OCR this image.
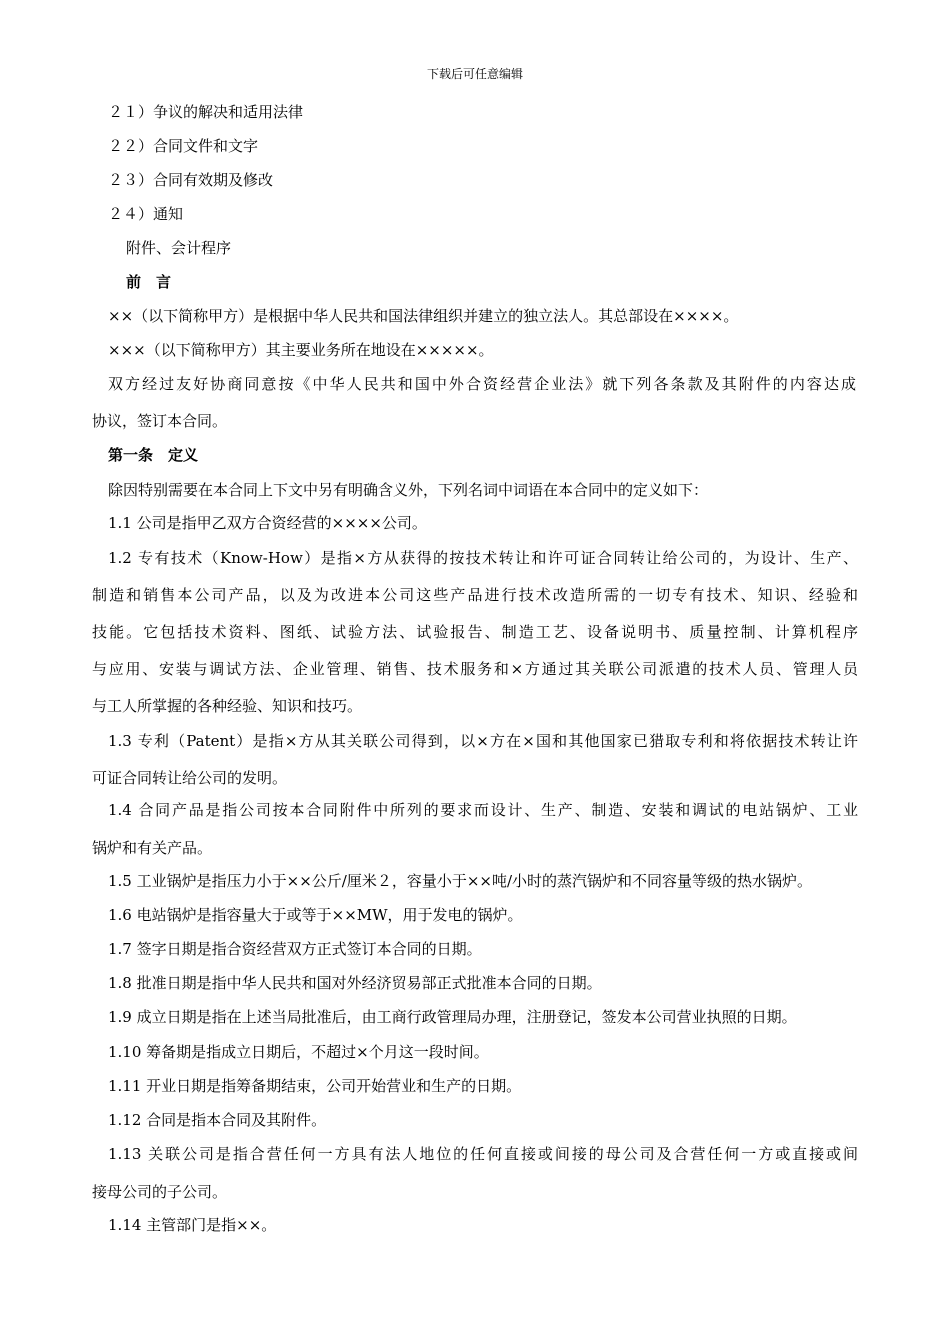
下载后可任意编辑
２１）争议的解决和适用法律
２２）合同文件和文字
２３）合同有效期及修改
２４）通知
附件、会计程序
前　言
××（以下简称甲方）是根据中华人民共和国法律组织并建立的独立法人。其总部设在××××。
×××（以下简称甲方）其主要业务所在地设在×××××。
双方经过友好协商同意按《中华人民共和国中外合资经营企业法》就下列各条款及其附件的内容达成
协议，签订本合同。
第一条　定义
除因特别需要在本合同上下文中另有明确含义外，下列名词中词语在本合同中的定义如下：
1.1 公司是指甲乙双方合资经营的××××公司。
1.2 专有技术（Know-How）是指×方从获得的按技术转让和许可证合同转让给公司的，为设计、生产、
制造和销售本公司产品，以及为改进本公司这些产品进行技术改造所需的一切专有技术、知识、经验和
技能。它包括技术资料、图纸、试验方法、试验报告、制造工艺、设备说明书、质量控制、计算机程序
与应用、安装与调试方法、企业管理、销售、技术服务和×方通过其关联公司派遣的技术人员、管理人员
与工人所掌握的各种经验、知识和技巧。
1.3 专利（Patent）是指×方从其关联公司得到，以×方在×国和其他国家已猎取专利和将依据技术转让许
可证合同转让给公司的发明。
1.4 合同产品是指公司按本合同附件中所列的要求而设计、生产、制造、安装和调试的电站锅炉、工业
锅炉和有关产品。
1.5 工业锅炉是指压力小于××公斤/厘米２，容量小于××吨/小时的蒸汽锅炉和不同容量等级的热水锅炉。
1.6 电站锅炉是指容量大于或等于××MW，用于发电的锅炉。
1.7 签字日期是指合资经营双方正式签订本合同的日期。
1.8 批准日期是指中华人民共和国对外经济贸易部正式批准本合同的日期。
1.9 成立日期是指在上述当局批准后，由工商行政管理局办理，注册登记，签发本公司营业执照的日期。
1.10 筹备期是指成立日期后，不超过×个月这一段时间。
1.11 开业日期是指筹备期结束，公司开始营业和生产的日期。
1.12 合同是指本合同及其附件。
1.13 关联公司是指合营任何一方具有法人地位的任何直接或间接的母公司及合营任何一方或直接或间
接母公司的子公司。
1.14 主管部门是指××。
